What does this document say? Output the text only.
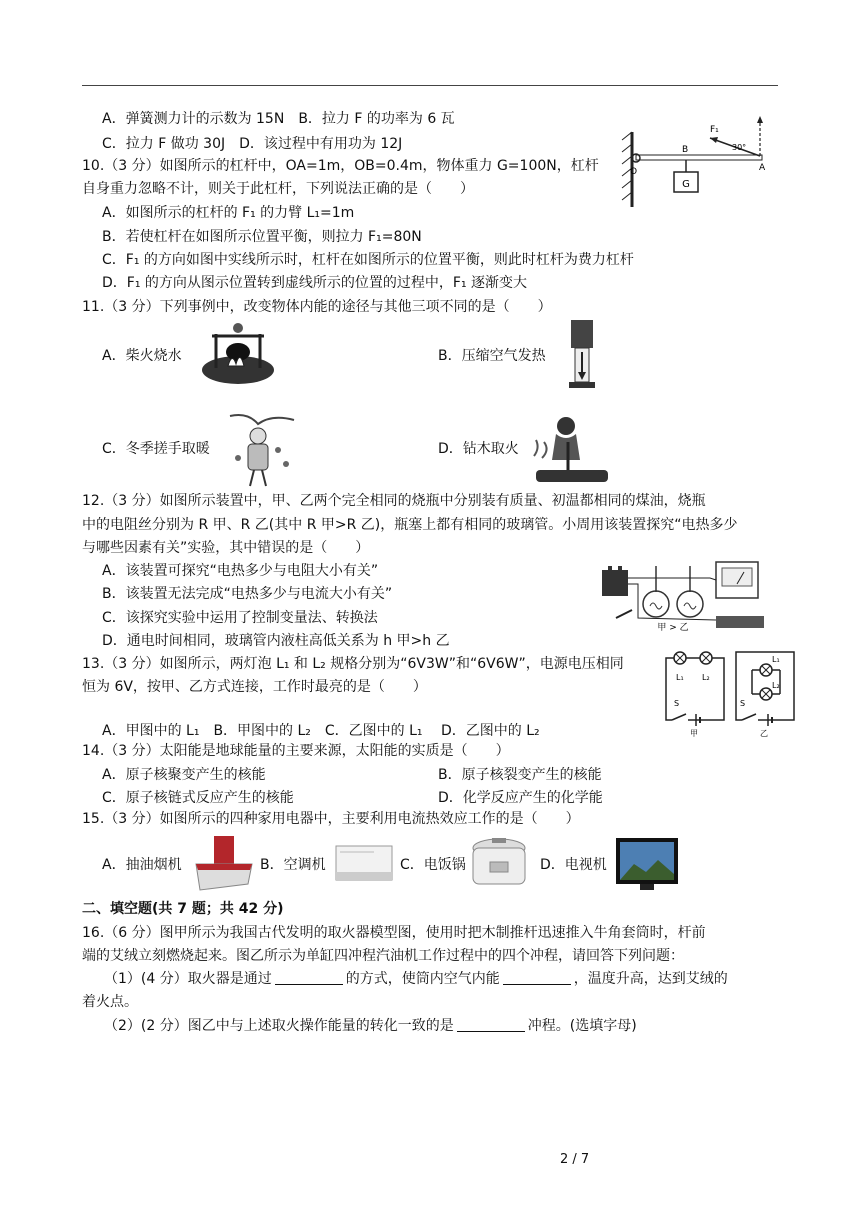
A．弹簧测力计的示数为 15N　B．拉力 F 的功率为 6 瓦
C．拉力 F 做功 30J　D．该过程中有用功为 12J
10.（3 分）如图所示的杠杆中，OA=1m，OB=0.4m，物体重力 G=100N，杠杆
自身重力忽略不计，则关于此杠杆，下列说法正确的是（　　）
A．如图所示的杠杆的 F₁ 的力臂 L₁=1m
B．若使杠杆在如图所示位置平衡，则拉力 F₁=80N
C．F₁ 的方向如图中实线所示时，杠杆在如图所示的位置平衡，则此时杠杆为费力杠杆
D．F₁ 的方向从图示位置转到虚线所示的位置的过程中，F₁ 逐渐变大
G
F₁
30°
B
A
O
11.（3 分）下列事例中，改变物体内能的途径与其他三项不同的是（　　）
A．柴火烧水	B．压缩空气发热
C．冬季搓手取暖	D．钻木取火
12.（3 分）如图所示装置中，甲、乙两个完全相同的烧瓶中分别装有质量、初温都相同的煤油，烧瓶
中的电阻丝分别为 R 甲、R 乙(其中 R 甲>R 乙)，瓶塞上都有相同的玻璃管。小周用该装置探究“电热多少
与哪些因素有关”实验，其中错误的是（　　）
A．该装置可探究“电热多少与电阻大小有关”
B．该装置无法完成“电热多少与电流大小有关”
C．该探究实验中运用了控制变量法、转换法
D．通电时间相同，玻璃管内液柱高低关系为 h 甲>h 乙
甲 > 乙
13.（3 分）如图所示，两灯泡 L₁ 和 L₂ 规格分别为“6V3W”和“6V6W”，电源电压相同
恒为 6V，按甲、乙方式连接，工作时最亮的是（　　）
A．甲图中的 L₁　B．甲图中的 L₂　C．乙图中的 L₁　 D．乙图中的 L₂
L₁ L₂
S
甲
L₁
L₂
S
乙
14.（3 分）太阳能是地球能量的主要来源，太阳能的实质是（　　）
A．原子核聚变产生的核能	B．原子核裂变产生的核能
C．原子核链式反应产生的核能	D．化学反应产生的化学能
15.（3 分）如图所示的四种家用电器中，主要利用电流热效应工作的是（　　）
A．抽油烟机	B．空调机	C．电饭锅	D．电视机
二、填空题(共 7 题；共 42 分)
16.（6 分）图甲所示为我国古代发明的取火器模型图，使用时把木制推杆迅速推入牛角套筒时，杆前
端的艾绒立刻燃烧起来。图乙所示为单缸四冲程汽油机工作过程中的四个冲程，请回答下列问题：
（1）(4 分）取火器是通过	的方式，使筒内空气内能	，温度升高，达到艾绒的
着火点。
（2）(2 分）图乙中与上述取火操作能量的转化一致的是	冲程。(选填字母)
2 / 7
